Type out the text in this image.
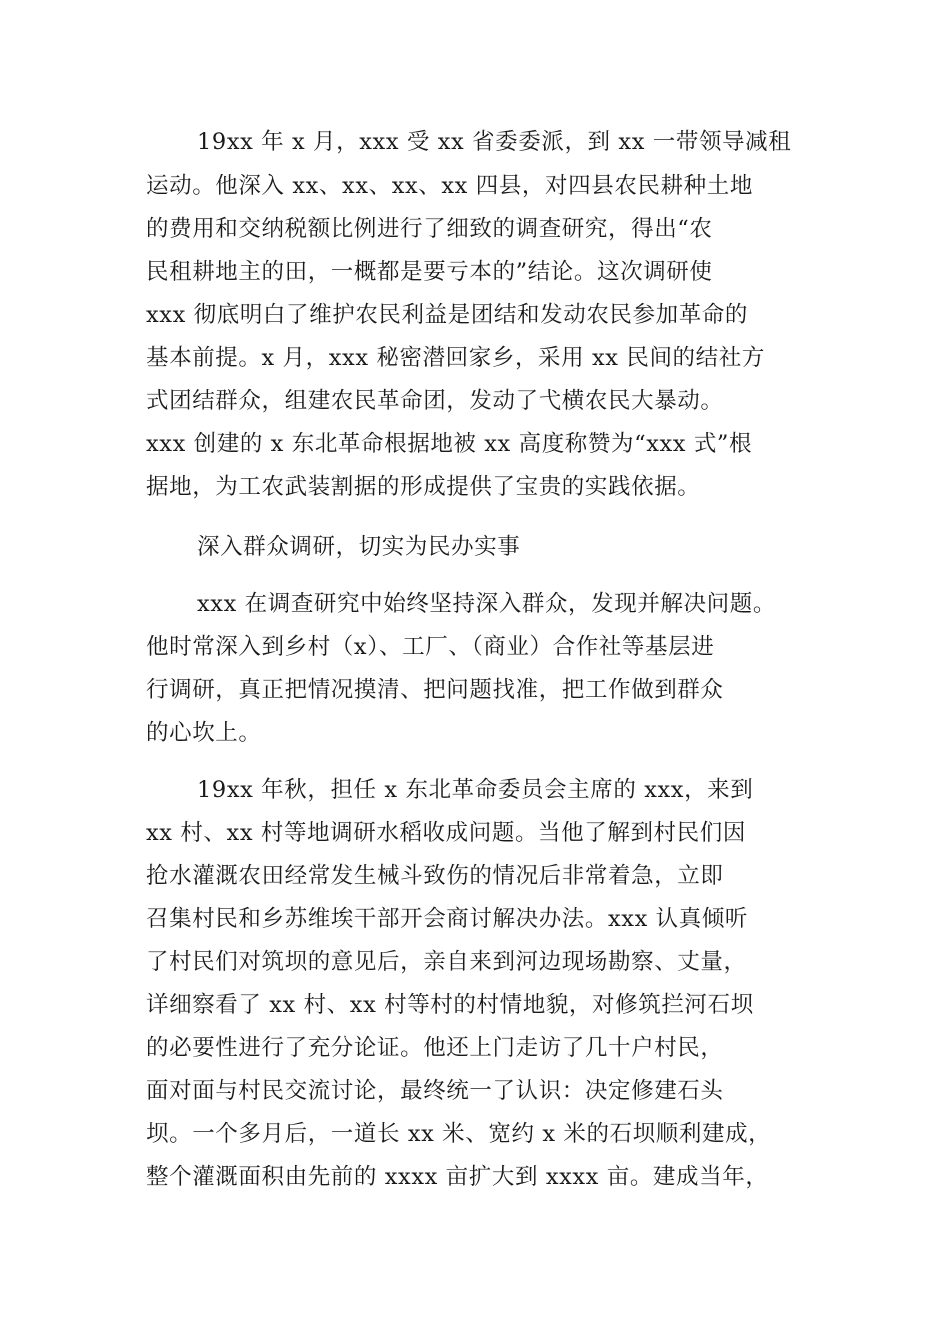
19xx 年 x 月，xxx 受 xx 省委委派，到 xx 一带领导减租
运动。他深入 xx、xx、xx、xx 四县，对四县农民耕种土地
的费用和交纳税额比例进行了细致的调查研究，得出“农
民租耕地主的田，一概都是要亏本的”结论。这次调研使
xxx 彻底明白了维护农民利益是团结和发动农民参加革命的
基本前提。x 月，xxx 秘密潜回家乡，采用 xx 民间的结社方
式团结群众，组建农民革命团，发动了弋横农民大暴动。
xxx 创建的 x 东北革命根据地被 xx 高度称赞为“xxx 式”根
据地，为工农武装割据的形成提供了宝贵的实践依据。
深入群众调研，切实为民办实事
xxx 在调查研究中始终坚持深入群众，发现并解决问题。
他时常深入到乡村（x）、工厂、（商业）合作社等基层进
行调研，真正把情况摸清、把问题找准，把工作做到群众
的心坎上。
19xx 年秋，担任 x 东北革命委员会主席的 xxx，来到
xx 村、xx 村等地调研水稻收成问题。当他了解到村民们因
抢水灌溉农田经常发生械斗致伤的情况后非常着急，立即
召集村民和乡苏维埃干部开会商讨解决办法。xxx 认真倾听
了村民们对筑坝的意见后，亲自来到河边现场勘察、丈量，
详细察看了 xx 村、xx 村等村的村情地貌，对修筑拦河石坝
的必要性进行了充分论证。他还上门走访了几十户村民，
面对面与村民交流讨论，最终统一了认识：决定修建石头
坝。一个多月后，一道长 xx 米、宽约 x 米的石坝顺利建成，
整个灌溉面积由先前的 xxxx 亩扩大到 xxxx 亩。建成当年，
